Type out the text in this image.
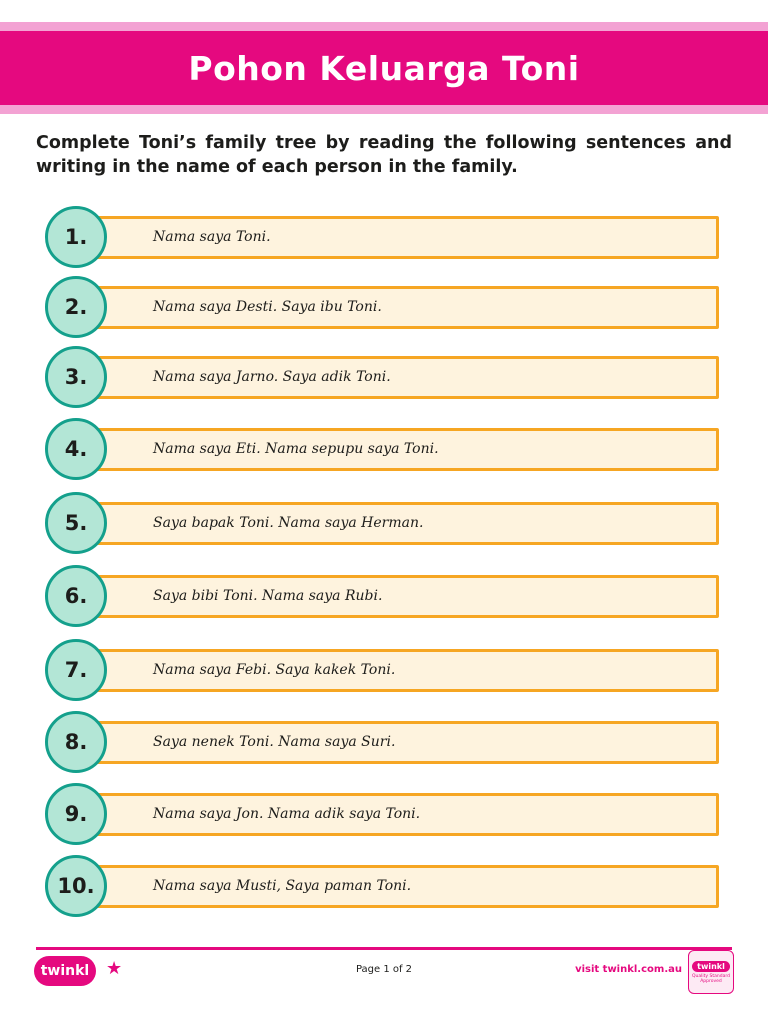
Pohon Keluarga Toni
Complete Toni’s family tree by reading the following sentences and writing in the name of each person in the family.
Nama saya Toni.
1.
Nama saya Desti. Saya ibu Toni.
2.
Nama saya Jarno. Saya adik Toni.
3.
Nama saya Eti. Nama sepupu saya Toni.
4.
Saya bapak Toni. Nama saya Herman.
5.
Saya bibi Toni. Nama saya Rubi.
6.
Nama saya Febi. Saya kakek Toni.
7.
Saya nenek Toni. Nama saya Suri.
8.
Nama saya Jon. Nama adik saya Toni.
9.
Nama saya Musti, Saya paman Toni.
10.
twinkl ★	Page 1 of 2	visit twinkl.com.au	twinkl
Quality Standard Approved
